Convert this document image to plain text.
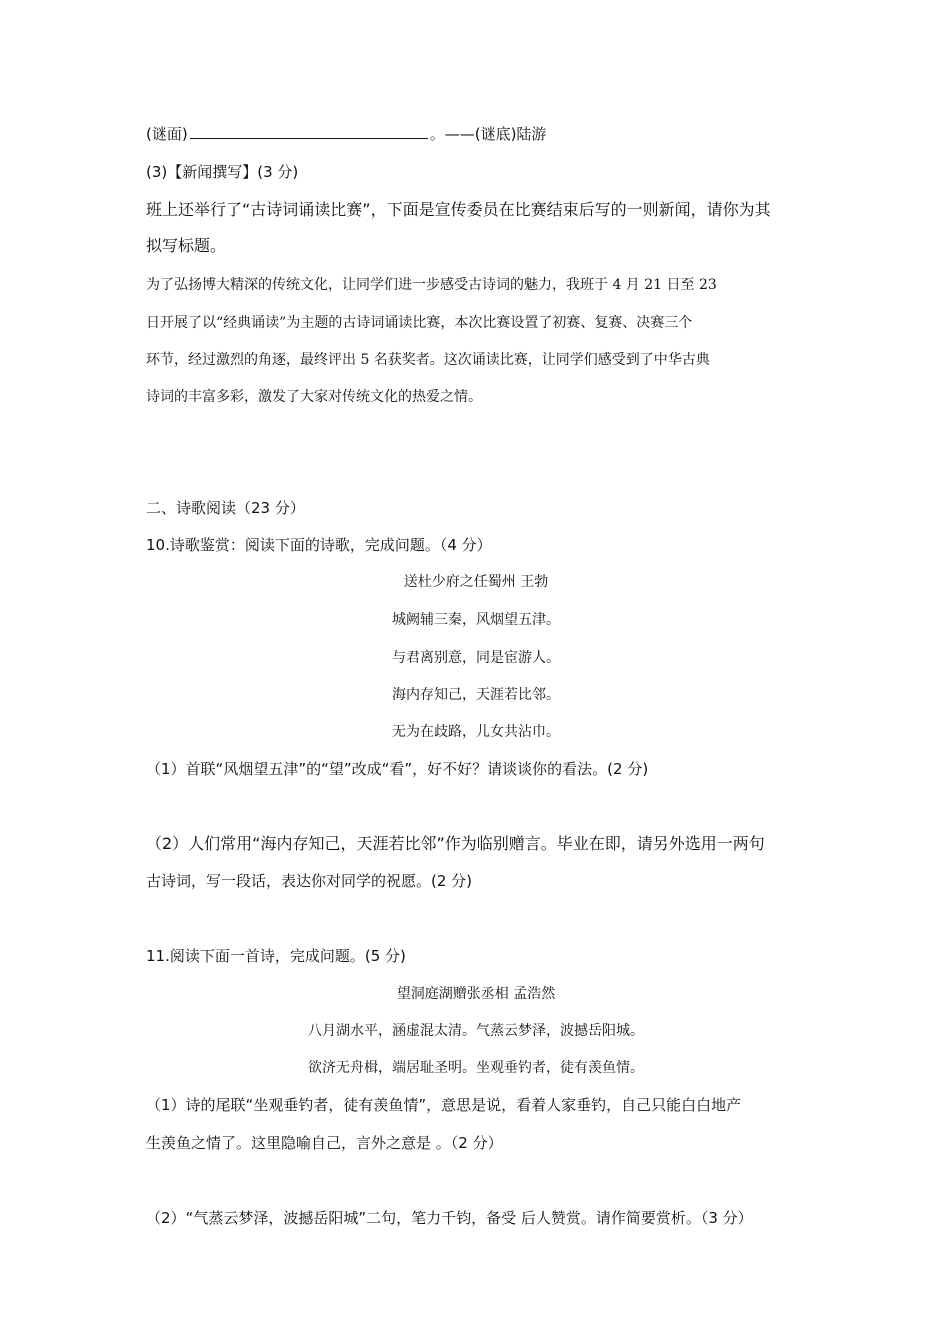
(谜面)	。——(谜底)陆游
(3)【新闻撰写】(3 分)
班上还举行了“古诗词诵读比赛”，下面是宣传委员在比赛结束后写的一则新闻，请你为其
拟写标题。
为了弘扬博大精深的传统文化，让同学们进一步感受古诗词的魅力，我班于 4 月 21 日至 23
日开展了以“经典诵读”为主题的古诗词诵读比赛，本次比赛设置了初赛、复赛、决赛三个
环节，经过激烈的角逐，最终评出 5 名获奖者。这次诵读比赛，让同学们感受到了中华古典
诗词的丰富多彩，激发了大家对传统文化的热爱之情。
二、诗歌阅读（23 分）
10.诗歌鉴赏：阅读下面的诗歌，完成问题。（4 分）
送杜少府之任蜀州 王勃
城阙辅三秦，风烟望五津。
与君离别意，同是宦游人。
海内存知己，天涯若比邻。
无为在歧路，儿女共沾巾。
（1）首联“风烟望五津”的“望”改成“看”，好不好？请谈谈你的看法。(2 分)
（2）人们常用“海内存知己，天涯若比邻”作为临别赠言。毕业在即，请另外选用一两句
古诗词，写一段话，表达你对同学的祝愿。(2 分)
11.阅读下面一首诗，完成问题。(5 分)
望洞庭湖赠张丞相 孟浩然
八月湖水平，涵虚混太清。气蒸云梦泽，波撼岳阳城。
欲济无舟楫，端居耻圣明。坐观垂钓者，徒有羡鱼情。
（1）诗的尾联“坐观垂钓者，徒有羡鱼情”，意思是说，看着人家垂钓，自己只能白白地产
生羡鱼之情了。这里隐喻自己，言外之意是 。（2 分）
（2）“气蒸云梦泽，波撼岳阳城”二句，笔力千钧，备受 后人赞赏。请作简要赏析。（3 分）
